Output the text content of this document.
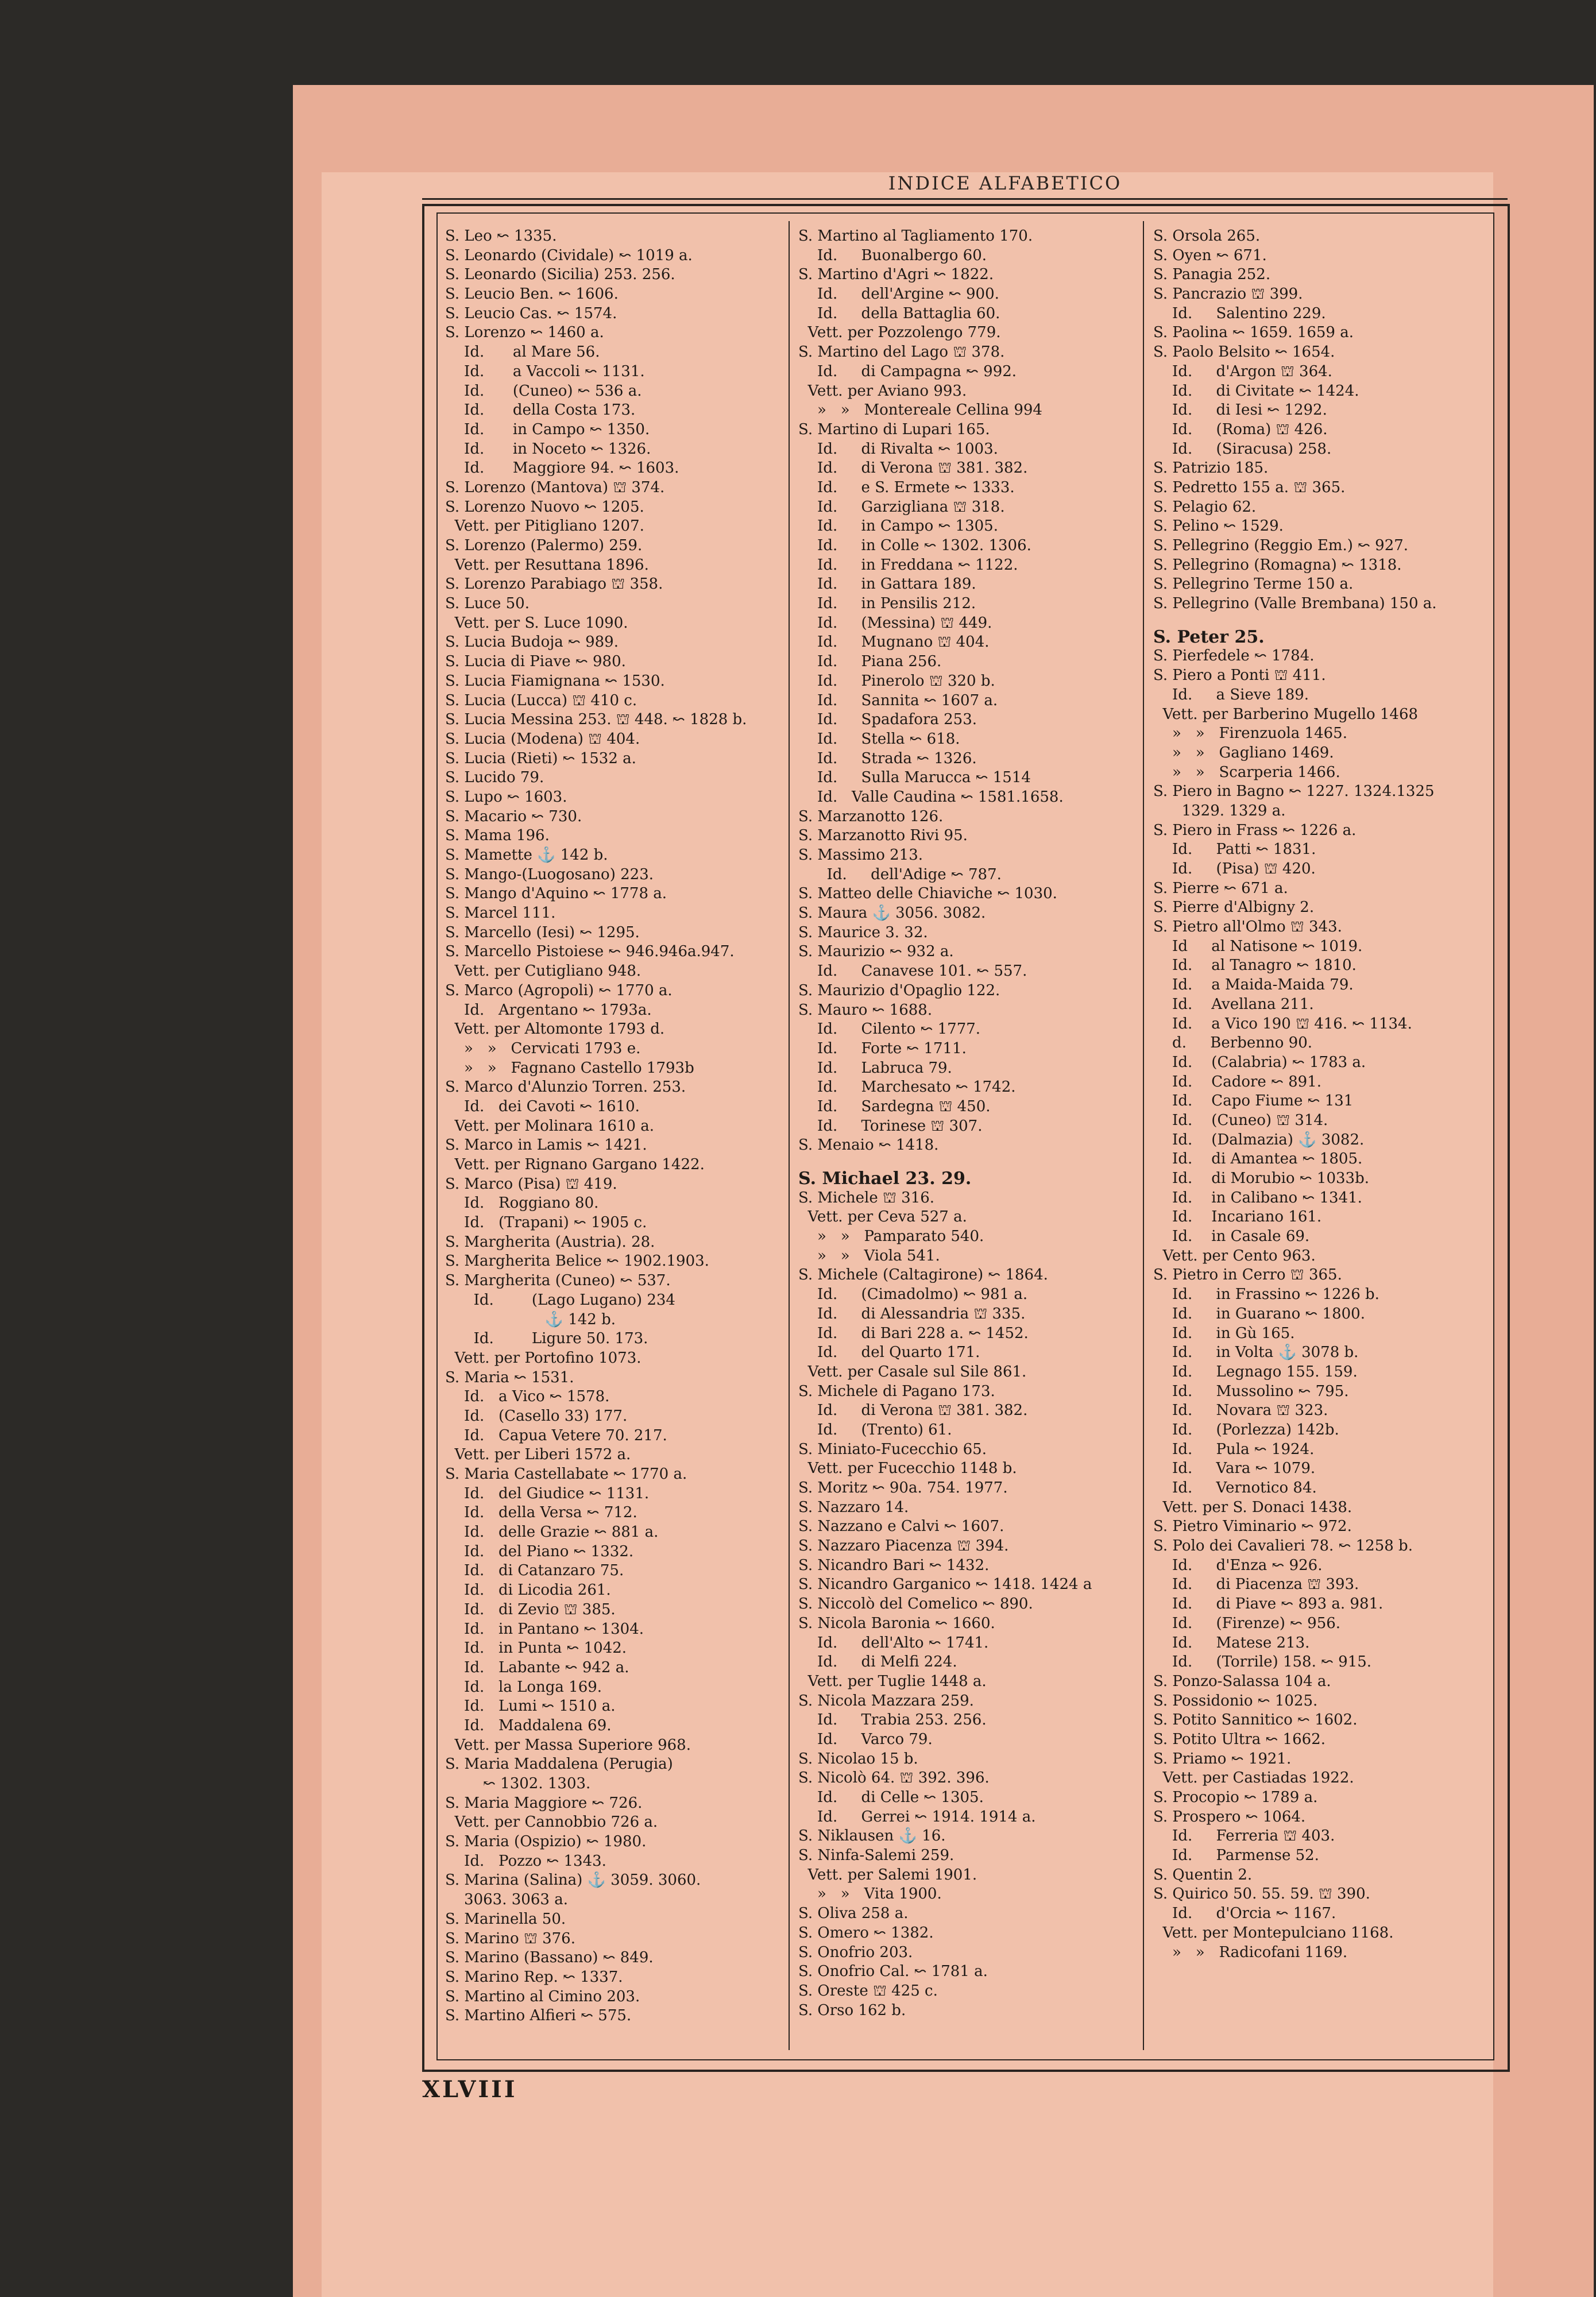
INDICE ALFABETICO
S. Leo ↜ 1335.
S. Leonardo (Cividale) ↜ 1019 a.
S. Leonardo (Sicilia) 253. 256.
S. Leucio Ben. ↜ 1606.
S. Leucio Cas. ↜ 1574.
S. Lorenzo ↜ 1460 a.
Id.      al Mare 56.
Id.      a Vaccoli ↜ 1131.
Id.      (Cuneo) ↜ 536 a.
Id.      della Costa 173.
Id.      in Campo ↜ 1350.
Id.      in Noceto ↜ 1326.
Id.      Maggiore 94. ↜ 1603.
S. Lorenzo (Mantova) ⛫ 374.
S. Lorenzo Nuovo ↜ 1205.
Vett. per Pitigliano 1207.
S. Lorenzo (Palermo) 259.
Vett. per Resuttana 1896.
S. Lorenzo Parabiago ⛫ 358.
S. Luce 50.
Vett. per S. Luce 1090.
S. Lucia Budoja ↜ 989.
S. Lucia di Piave ↜ 980.
S. Lucia Fiamignana ↜ 1530.
S. Lucia (Lucca) ⛫ 410 c.
S. Lucia Messina 253. ⛫ 448. ↜ 1828 b.
S. Lucia (Modena) ⛫ 404.
S. Lucia (Rieti) ↜ 1532 a.
S. Lucido 79.
S. Lupo ↜ 1603.
S. Macario ↜ 730.
S. Mama 196.
S. Mamette ⚓ 142 b.
S. Mango-(Luogosano) 223.
S. Mango d'Aquino ↜ 1778 a.
S. Marcel 111.
S. Marcello (Iesi) ↜ 1295.
S. Marcello Pistoiese ↜ 946.946a.947.
Vett. per Cutigliano 948.
S. Marco (Agropoli) ↜ 1770 a.
Id.   Argentano ↜ 1793a.
Vett. per Altomonte 1793 d.
»   »   Cervicati 1793 e.
»   »   Fagnano Castello 1793b
S. Marco d'Alunzio Torren. 253.
Id.   dei Cavoti ↜ 1610.
Vett. per Molinara 1610 a.
S. Marco in Lamis ↜ 1421.
Vett. per Rignano Gargano 1422.
S. Marco (Pisa) ⛫ 419.
Id.   Roggiano 80.
Id.   (Trapani) ↜ 1905 c.
S. Margherita (Austria). 28.
S. Margherita Belice ↜ 1902.1903.
S. Margherita (Cuneo) ↜ 537.
Id.        (Lago Lugano) 234
⚓ 142 b.
Id.        Ligure 50. 173.
Vett. per Portofino 1073.
S. Maria ↜ 1531.
Id.   a Vico ↜ 1578.
Id.   (Casello 33) 177.
Id.   Capua Vetere 70. 217.
Vett. per Liberi 1572 a.
S. Maria Castellabate ↜ 1770 a.
Id.   del Giudice ↜ 1131.
Id.   della Versa ↜ 712.
Id.   delle Grazie ↜ 881 a.
Id.   del Piano ↜ 1332.
Id.   di Catanzaro 75.
Id.   di Licodia 261.
Id.   di Zevio ⛫ 385.
Id.   in Pantano ↜ 1304.
Id.   in Punta ↜ 1042.
Id.   Labante ↜ 942 a.
Id.   la Longa 169.
Id.   Lumi ↜ 1510 a.
Id.   Maddalena 69.
Vett. per Massa Superiore 968.
S. Maria Maddalena (Perugia)
↜ 1302. 1303.
S. Maria Maggiore ↜ 726.
Vett. per Cannobbio 726 a.
S. Maria (Ospizio) ↜ 1980.
Id.   Pozzo ↜ 1343.
S. Marina (Salina) ⚓ 3059. 3060.
3063. 3063 a.
S. Marinella 50.
S. Marino ⛫ 376.
S. Marino (Bassano) ↜ 849.
S. Marino Rep. ↜ 1337.
S. Martino al Cimino 203.
S. Martino Alfieri ↜ 575.
S. Martino al Tagliamento 170.
Id.     Buonalbergo 60.
S. Martino d'Agri ↜ 1822.
Id.     dell'Argine ↜ 900.
Id.     della Battaglia 60.
Vett. per Pozzolengo 779.
S. Martino del Lago ⛫ 378.
Id.     di Campagna ↜ 992.
Vett. per Aviano 993.
»   »   Montereale Cellina 994
S. Martino di Lupari 165.
Id.     di Rivalta ↜ 1003.
Id.     di Verona ⛫ 381. 382.
Id.     e S. Ermete ↜ 1333.
Id.     Garzigliana ⛫ 318.
Id.     in Campo ↜ 1305.
Id.     in Colle ↜ 1302. 1306.
Id.     in Freddana ↜ 1122.
Id.     in Gattara 189.
Id.     in Pensilis 212.
Id.     (Messina) ⛫ 449.
Id.     Mugnano ⛫ 404.
Id.     Piana 256.
Id.     Pinerolo ⛫ 320 b.
Id.     Sannita ↜ 1607 a.
Id.     Spadafora 253.
Id.     Stella ↜ 618.
Id.     Strada ↜ 1326.
Id.     Sulla Marucca ↜ 1514
Id.   Valle Caudina ↜ 1581.1658.
S. Marzanotto 126.
S. Marzanotto Rivi 95.
S. Massimo 213.
Id.     dell'Adige ↜ 787.
S. Matteo delle Chiaviche ↜ 1030.
S. Maura ⚓ 3056. 3082.
S. Maurice 3. 32.
S. Maurizio ↜ 932 a.
Id.     Canavese 101. ↜ 557.
S. Maurizio d'Opaglio 122.
S. Mauro ↜ 1688.
Id.     Cilento ↜ 1777.
Id.     Forte ↜ 1711.
Id.     Labruca 79.
Id.     Marchesato ↜ 1742.
Id.     Sardegna ⛫ 450.
Id.     Torinese ⛫ 307.
S. Menaio ↜ 1418.
S. Michael 23. 29.
S. Michele ⛫ 316.
Vett. per Ceva 527 a.
»   »   Pamparato 540.
»   »   Viola 541.
S. Michele (Caltagirone) ↜ 1864.
Id.     (Cimadolmo) ↜ 981 a.
Id.     di Alessandria ⛫ 335.
Id.     di Bari 228 a. ↜ 1452.
Id.     del Quarto 171.
Vett. per Casale sul Sile 861.
S. Michele di Pagano 173.
Id.     di Verona ⛫ 381. 382.
Id.     (Trento) 61.
S. Miniato-Fucecchio 65.
Vett. per Fucecchio 1148 b.
S. Moritz ↜ 90a. 754. 1977.
S. Nazzaro 14.
S. Nazzano e Calvi ↜ 1607.
S. Nazzaro Piacenza ⛫ 394.
S. Nicandro Bari ↜ 1432.
S. Nicandro Garganico ↜ 1418. 1424 a
S. Niccolò del Comelico ↜ 890.
S. Nicola Baronia ↜ 1660.
Id.     dell'Alto ↜ 1741.
Id.     di Melfi 224.
Vett. per Tuglie 1448 a.
S. Nicola Mazzara 259.
Id.     Trabia 253. 256.
Id.     Varco 79.
S. Nicolao 15 b.
S. Nicolò 64. ⛫ 392. 396.
Id.     di Celle ↜ 1305.
Id.     Gerrei ↜ 1914. 1914 a.
S. Niklausen ⚓ 16.
S. Ninfa-Salemi 259.
Vett. per Salemi 1901.
»   »   Vita 1900.
S. Oliva 258 a.
S. Omero ↜ 1382.
S. Onofrio 203.
S. Onofrio Cal. ↜ 1781 a.
S. Oreste ⛫ 425 c.
S. Orso 162 b.
S. Orsola 265.
S. Oyen ↜ 671.
S. Panagia 252.
S. Pancrazio ⛫ 399.
Id.     Salentino 229.
S. Paolina ↜ 1659. 1659 a.
S. Paolo Belsito ↜ 1654.
Id.     d'Argon ⛫ 364.
Id.     di Civitate ↜ 1424.
Id.     di Iesi ↜ 1292.
Id.     (Roma) ⛫ 426.
Id.     (Siracusa) 258.
S. Patrizio 185.
S. Pedretto 155 a. ⛫ 365.
S. Pelagio 62.
S. Pelino ↜ 1529.
S. Pellegrino (Reggio Em.) ↜ 927.
S. Pellegrino (Romagna) ↜ 1318.
S. Pellegrino Terme 150 a.
S. Pellegrino (Valle Brembana) 150 a.
S. Peter 25.
S. Pierfedele ↜ 1784.
S. Piero a Ponti ⛫ 411.
Id.     a Sieve 189.
Vett. per Barberino Mugello 1468
»   »   Firenzuola 1465.
»   »   Gagliano 1469.
»   »   Scarperia 1466.
S. Piero in Bagno ↜ 1227. 1324.1325
1329. 1329 a.
S. Piero in Frass ↜ 1226 a.
Id.     Patti ↜ 1831.
Id.     (Pisa) ⛫ 420.
S. Pierre ↜ 671 a.
S. Pierre d'Albigny 2.
S. Pietro all'Olmo ⛫ 343.
Id     al Natisone ↜ 1019.
Id.    al Tanagro ↜ 1810.
Id.    a Maida-Maida 79.
Id.    Avellana 211.
Id.    a Vico 190 ⛫ 416. ↜ 1134.
d.     Berbenno 90.
Id.    (Calabria) ↜ 1783 a.
Id.    Cadore ↜ 891.
Id.    Capo Fiume ↜ 131
Id.    (Cuneo) ⛫ 314.
Id.    (Dalmazia) ⚓ 3082.
Id.    di Amantea ↜ 1805.
Id.    di Morubio ↜ 1033b.
Id.    in Calibano ↜ 1341.
Id.    Incariano 161.
Id.    in Casale 69.
Vett. per Cento 963.
S. Pietro in Cerro ⛫ 365.
Id.     in Frassino ↜ 1226 b.
Id.     in Guarano ↜ 1800.
Id.     in Gù 165.
Id.     in Volta ⚓ 3078 b.
Id.     Legnago 155. 159.
Id.     Mussolino ↜ 795.
Id.     Novara ⛫ 323.
Id.     (Porlezza) 142b.
Id.     Pula ↜ 1924.
Id.     Vara ↜ 1079.
Id.     Vernotico 84.
Vett. per S. Donaci 1438.
S. Pietro Viminario ↜ 972.
S. Polo dei Cavalieri 78. ↜ 1258 b.
Id.     d'Enza ↜ 926.
Id.     di Piacenza ⛫ 393.
Id.     di Piave ↜ 893 a. 981.
Id.     (Firenze) ↜ 956.
Id.     Matese 213.
Id.     (Torrile) 158. ↜ 915.
S. Ponzo-Salassa 104 a.
S. Possidonio ↜ 1025.
S. Potito Sannitico ↜ 1602.
S. Potito Ultra ↜ 1662.
S. Priamo ↜ 1921.
Vett. per Castiadas 1922.
S. Procopio ↜ 1789 a.
S. Prospero ↜ 1064.
Id.     Ferreria ⛫ 403.
Id.     Parmense 52.
S. Quentin 2.
S. Quirico 50. 55. 59. ⛫ 390.
Id.     d'Orcia ↜ 1167.
Vett. per Montepulciano 1168.
»   »   Radicofani 1169.
XLVIII
